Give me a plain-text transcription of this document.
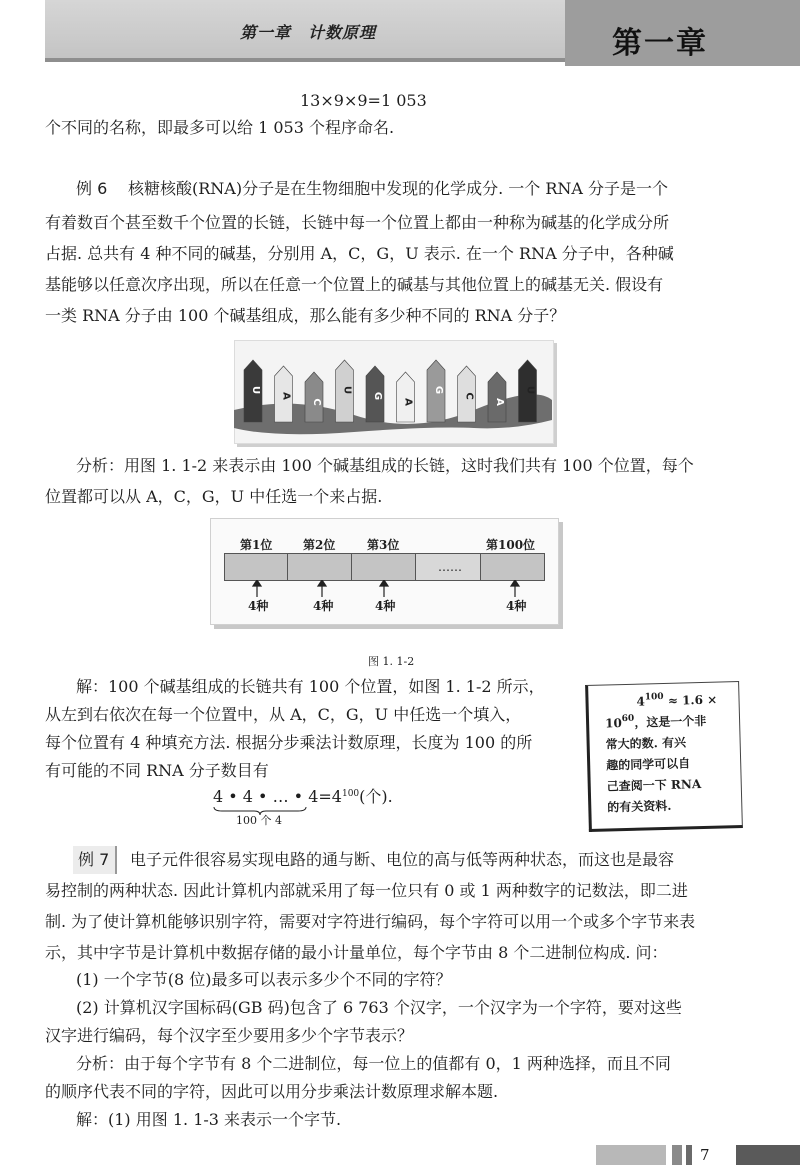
第一章　计数原理	第一章
13×9×9=1 053
个不同的名称，即最多可以给 1 053 个程序命名.
例 6 核糖核酸(RNA)分子是在生物细胞中发现的化学成分. 一个 RNA 分子是一个
有着数百个甚至数千个位置的长链，长链中每一个位置上都由一种称为碱基的化学成分所
占据. 总共有 4 种不同的碱基，分别用 A，C，G，U 表示. 在一个 RNA 分子中，各种碱
基能够以任意次序出现，所以在任意一个位置上的碱基与其他位置上的碱基无关. 假设有
一类 RNA 分子由 100 个碱基组成，那么能有多少种不同的 RNA 分子？
U
A
C
U
G
A
G
C
A
U
分析：用图 1. 1-2 来表示由 100 个碱基组成的长链，这时我们共有 100 个位置，每个
位置都可以从 A，C，G，U 中任选一个来占据.
第1位	第2位	第3位
……
第100位
4种	4种	4种	4种
图 1. 1-2
解：100 个碱基组成的长链共有 100 个位置，如图 1. 1-2 所示，
从左到右依次在每一个位置中，从 A，C，G，U 中任选一个填入，
每个位置有 4 种填充方法. 根据分步乘法计数原理，长度为 100 的所
有可能的不同 RNA 分子数目有
4 • 4 • … • $4=4^{100}$(个).
100 个 4
$4^{100} \approx 1.6$ ×
$10^{60}$，这是一个非
常大的数. 有兴
趣的同学可以自
己查阅一下 RNA
的有关资料.
例 7 电子元件很容易实现电路的通与断、电位的高与低等两种状态，而这也是最容
易控制的两种状态. 因此计算机内部就采用了每一位只有 0 或 1 两种数字的记数法，即二进
制. 为了使计算机能够识别字符，需要对字符进行编码，每个字符可以用一个或多个字节来表
示，其中字节是计算机中数据存储的最小计量单位，每个字节由 8 个二进制位构成. 问：
(1) 一个字节(8 位)最多可以表示多少个不同的字符？
(2) 计算机汉字国标码(GB 码)包含了 6 763 个汉字，一个汉字为一个字符，要对这些
汉字进行编码，每个汉字至少要用多少个字节表示？
分析：由于每个字节有 8 个二进制位，每一位上的值都有 0，1 两种选择，而且不同
的顺序代表不同的字符，因此可以用分步乘法计数原理求解本题.
解：(1) 用图 1. 1-3 来表示一个字节.
7
